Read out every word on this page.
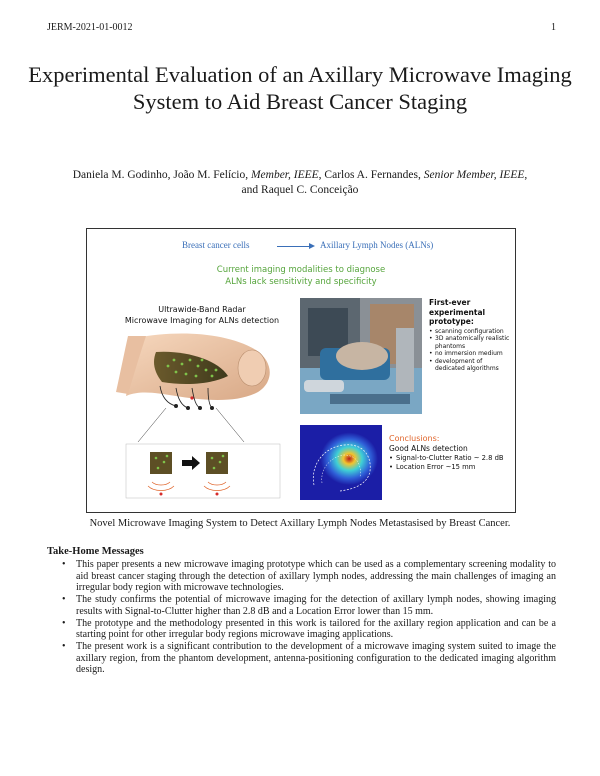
JERM-2021-01-0012	1
Experimental Evaluation of an Axillary Microwave Imaging System to Aid Breast Cancer Staging
Daniela M. Godinho, João M. Felício, Member, IEEE, Carlos A. Fernandes, Senior Member, IEEE, and Raquel C. Conceição
Breast cancer cells	Axillary Lymph Nodes (ALNs)
Current imaging modalities to diagnose
ALNs lack sensitivity and specificity
Ultrawide-Band Radar
Microwave Imaging for ALNs detection
First-ever
experimental
prototype:
• scanning configuration
• 3D anatomically realistic phantoms
• no immersion medium
• development of dedicated algorithms
Conclusions:
Good ALNs detection
• Signal-to-Clutter Ratio ~ 2.8 dB
• Location Error ~15 mm
Novel Microwave Imaging System to Detect Axillary Lymph Nodes Metastasised by Breast Cancer.
Take-Home Messages
• This paper presents a new microwave imaging prototype which can be used as a complementary screening modality to aid breast cancer staging through the detection of axillary lymph nodes, addressing the main challenges of imaging an irregular body region with microwave technologies.
• The study confirms the potential of microwave imaging for the detection of axillary lymph nodes, showing imaging results with Signal-to-Clutter higher than 2.8 dB and a Location Error lower than 15 mm.
• The prototype and the methodology presented in this work is tailored for the axillary region application and can be a starting point for other irregular body regions microwave imaging applications.
• The present work is a significant contribution to the development of a microwave imaging system suited to image the axillary region, from the phantom development, antenna-positioning configuration to the dedicated imaging algorithm design.
